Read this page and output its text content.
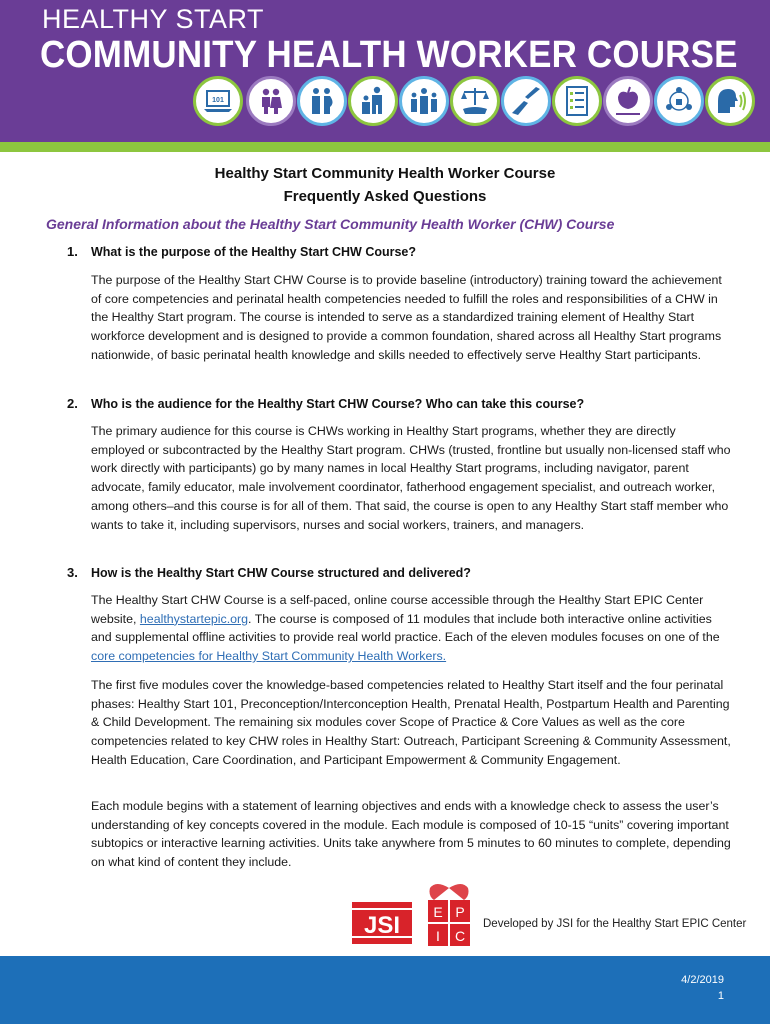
HEALTHY START
COMMUNITY HEALTH WORKER COURSE
101
Healthy Start Community Health Worker Course
Frequently Asked Questions
General Information about the Healthy Start Community Health Worker (CHW) Course
1. What is the purpose of the Healthy Start CHW Course?
The purpose of the Healthy Start CHW Course is to provide baseline (introductory) training toward the achievement of core competencies and perinatal health competencies needed to fulfill the roles and responsibilities of a CHW in the Healthy Start program. The course is intended to serve as a standardized training element of Healthy Start workforce development and is designed to provide a common foundation, shared across all Healthy Start programs nationwide, of basic perinatal health knowledge and skills needed to effectively serve Healthy Start participants.
2. Who is the audience for the Healthy Start CHW Course? Who can take this course?
The primary audience for this course is CHWs working in Healthy Start programs, whether they are directly employed or subcontracted by the Healthy Start program. CHWs (trusted, frontline but usually non-licensed staff who work directly with participants) go by many names in local Healthy Start programs, including navigator, parent advocate, family educator, male involvement coordinator, fatherhood engagement specialist, and outreach worker, among others–and this course is for all of them. That said, the course is open to any Healthy Start staff member who wants to take it, including supervisors, nurses and social workers, trainers, and managers.
3. How is the Healthy Start CHW Course structured and delivered?
The Healthy Start CHW Course is a self-paced, online course accessible through the Healthy Start EPIC Center website, healthystartepic.org. The course is composed of 11 modules that include both interactive online activities and supplemental offline activities to provide real world practice. Each of the eleven modules focuses on one of the core competencies for Healthy Start Community Health Workers.
The first five modules cover the knowledge-based competencies related to Healthy Start itself and the four perinatal phases: Healthy Start 101, Preconception/Interconception Health, Prenatal Health, Postpartum Health and Parenting & Child Development. The remaining six modules cover Scope of Practice & Core Values as well as the core competencies related to key CHW roles in Healthy Start: Outreach, Participant Screening & Community Assessment, Health Education, Care Coordination, and Participant Empowerment & Community Engagement.
Each module begins with a statement of learning objectives and ends with a knowledge check to assess the user’s understanding of key concepts covered in the module. Each module is composed of 10-15 “units” covering important subtopics or interactive learning activities. Units take anywhere from 5 minutes to 60 minutes to complete, depending on what kind of content they include.
JSI E P
I C
Developed by JSI for the Healthy Start EPIC Center
4/2/2019
1
